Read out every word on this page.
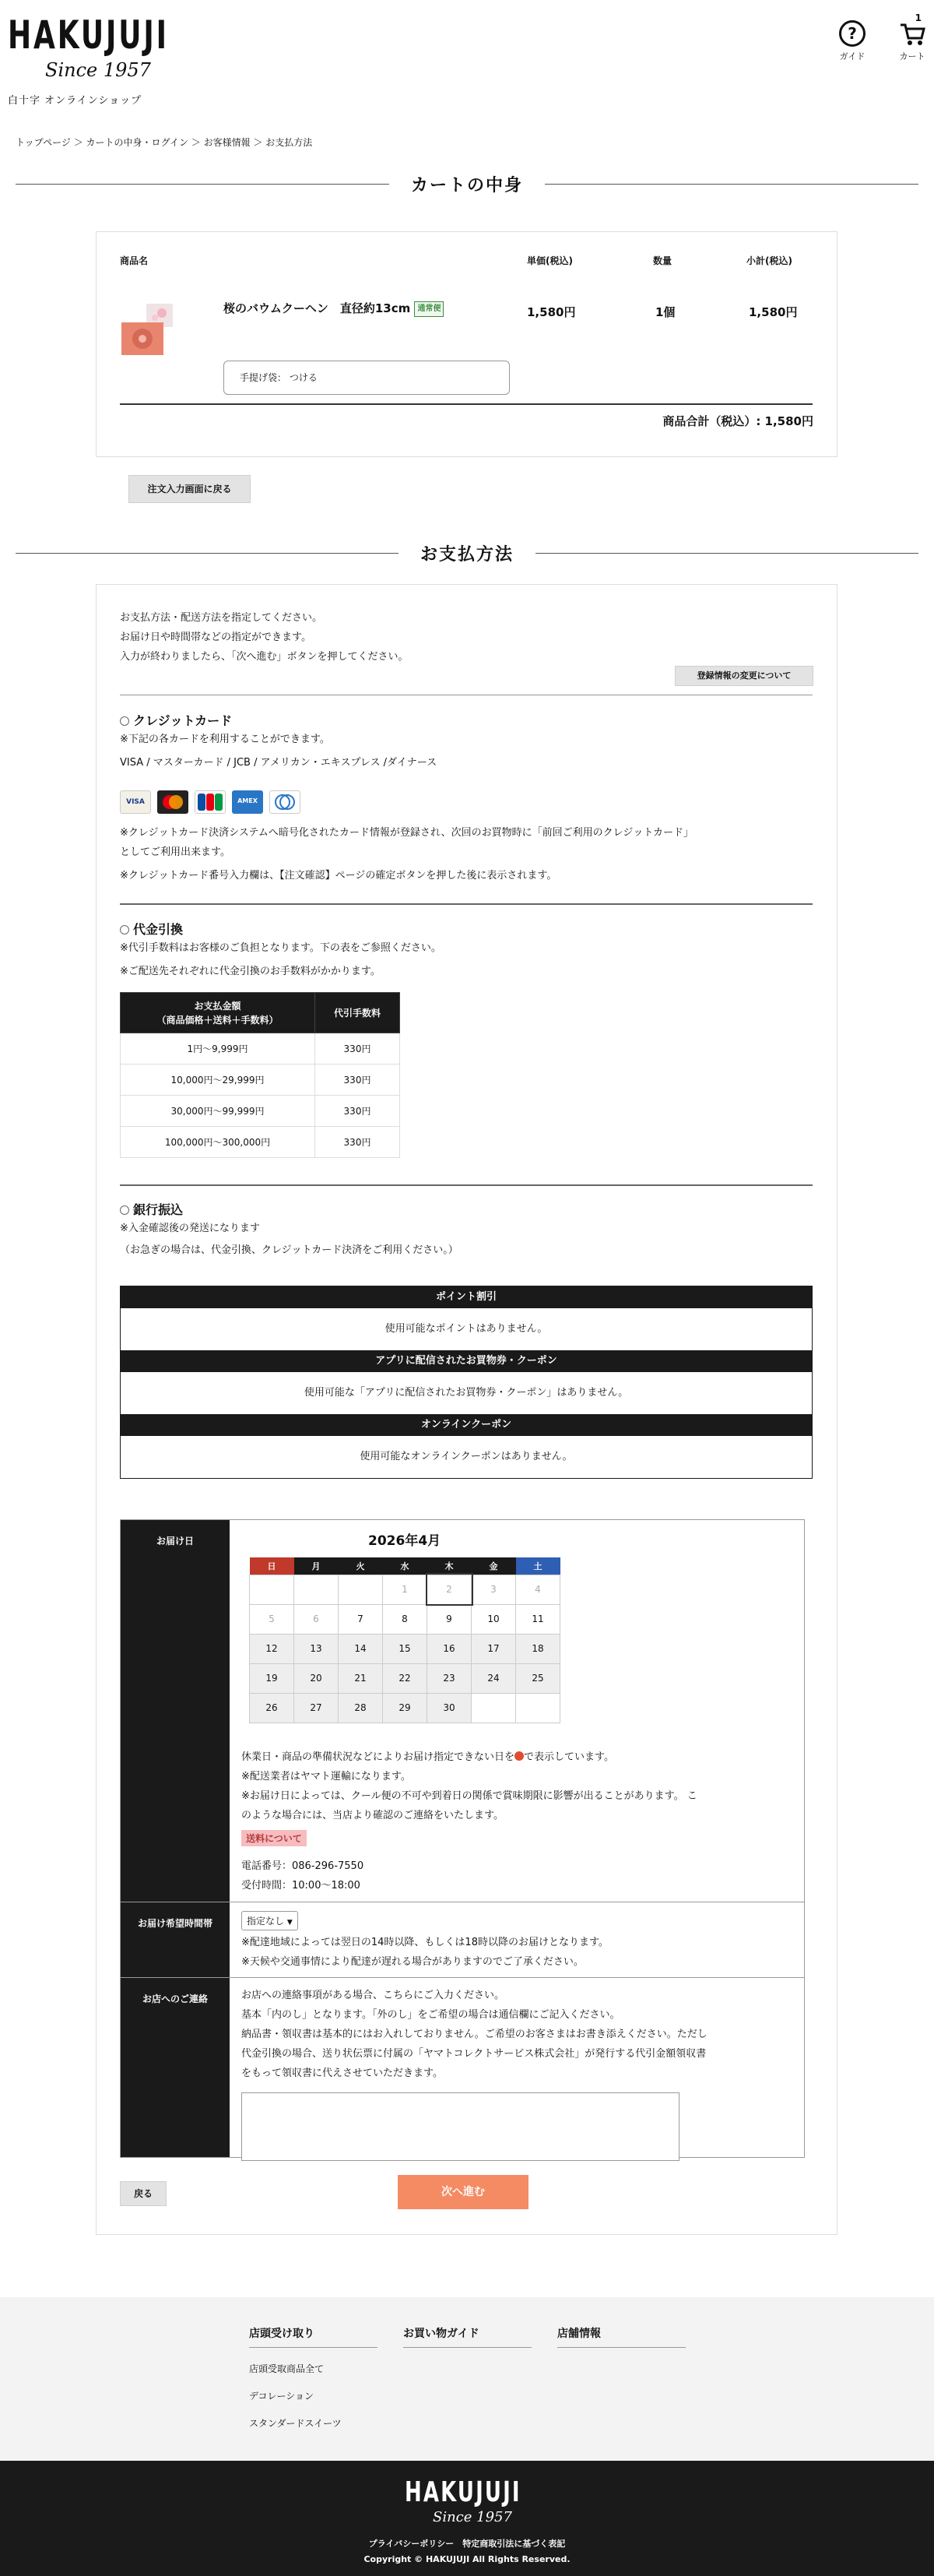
HAKUJUJI
Since 1957
白十字 オンラインショップ
?
ガイド
1
カート
トップページ ＞ カートの中身・ログイン ＞ お客様情報 ＞ お支払方法
カートの中身
商品名	単価(税込)	数量	小計(税込)
桜のバウムクーヘン　直径約13cm 通常便	1,580円	1個	1,580円
手提げ袋： つける
商品合計（税込）: 1,580円
注文入力画面に戻る
お支払方法
お支払方法・配送方法を指定してください。
お届け日や時間帯などの指定ができます。
入力が終わりましたら、「次へ進む」ボタンを押してください。
登録情報の変更について
クレジットカード
※下記の各カードを利用することができます。
VISA / マスターカード / JCB / アメリカン・エキスプレス /ダイナース
VISA	AMEX
※クレジットカード決済システムへ暗号化されたカード情報が登録され、次回のお買物時に「前回ご利用のクレジットカード」
とし​てご利用出来ます。
※クレジットカード番号入力欄は、【注文確認】ページの確定ボタンを押した後に表示されます。
代金引換
※代引手数料はお客様のご負担となります。下の表をご参照ください。
※ご配送先それぞれに代金引換のお手数料がかかります。
お支払金額
（商品価格＋送料＋手数料）	代引手数料
1円～9,999円	330円
10,000円～29,999円	330円
30,000円～99,999円	330円
100,000円～300,000円	330円
銀行振込
※入金確認後の発送になります
（お急ぎの場合は、代金引換、クレジットカード決済をご利用ください。）
ポイント割引
使用可能なポイントはありません。
アプリに配信されたお買物券・クーポン
使用可能な「アプリに配信されたお買物券・クーポン」はありません。
オンラインクーポン
使用可能なオンラインクーポンはありません。
お届け日	2026年4月
日	月	火	水	木	金	土
			1	2	3	4
5	6	7	8	9	10	11
12	13	14	15	16	17	18
19	20	21	22	23	24	25
26	27	28	29	30		
休業日・商品の準備状況などによりお届け指定できない日を で表示しています。
※配送業者はヤマト運輸になります。
※お届け日によっては、クール便の不可や到着日の関係で賞味期限に影響が出ることがあります。 こ
のような場合には、当店より確認のご連絡をいたします。
送料について
電話番号：086-296-7550
受付時間：10:00～18:00
お届け希望時間帯	指定なし ▼
※配達地域によっては翌日の14時以降、もしくは18時以降のお届けとなります。
※天候や交通事情により配達が遅れる場合がありますのでご了承ください。
お店へのご連絡	お店への連絡事項がある場合、こちらにご入力ください。
基本「内のし」となります。「外のし」をご希望の場合は通信欄にご記入ください。
納品書・領収書は基本的にはお入れしておりません。ご希望のお客さまはお書き添えください。ただし
代金引換の場合、送り状伝票に付属の「ヤマトコレクトサービス株式会社」が発行する代引金額領収書
をもって領収書に代えさせていただきます。
戻る	次へ進む
店頭受け取り
店頭受取商品全て
デコレーション
スタンダードスイーツ
お買い物ガイド	店舗情報
HAKUJUJI
Since 1957
プライバシーポリシー　特定商取引法に基づく表記
Copyright © HAKUJUJI All Rights Reserved.
